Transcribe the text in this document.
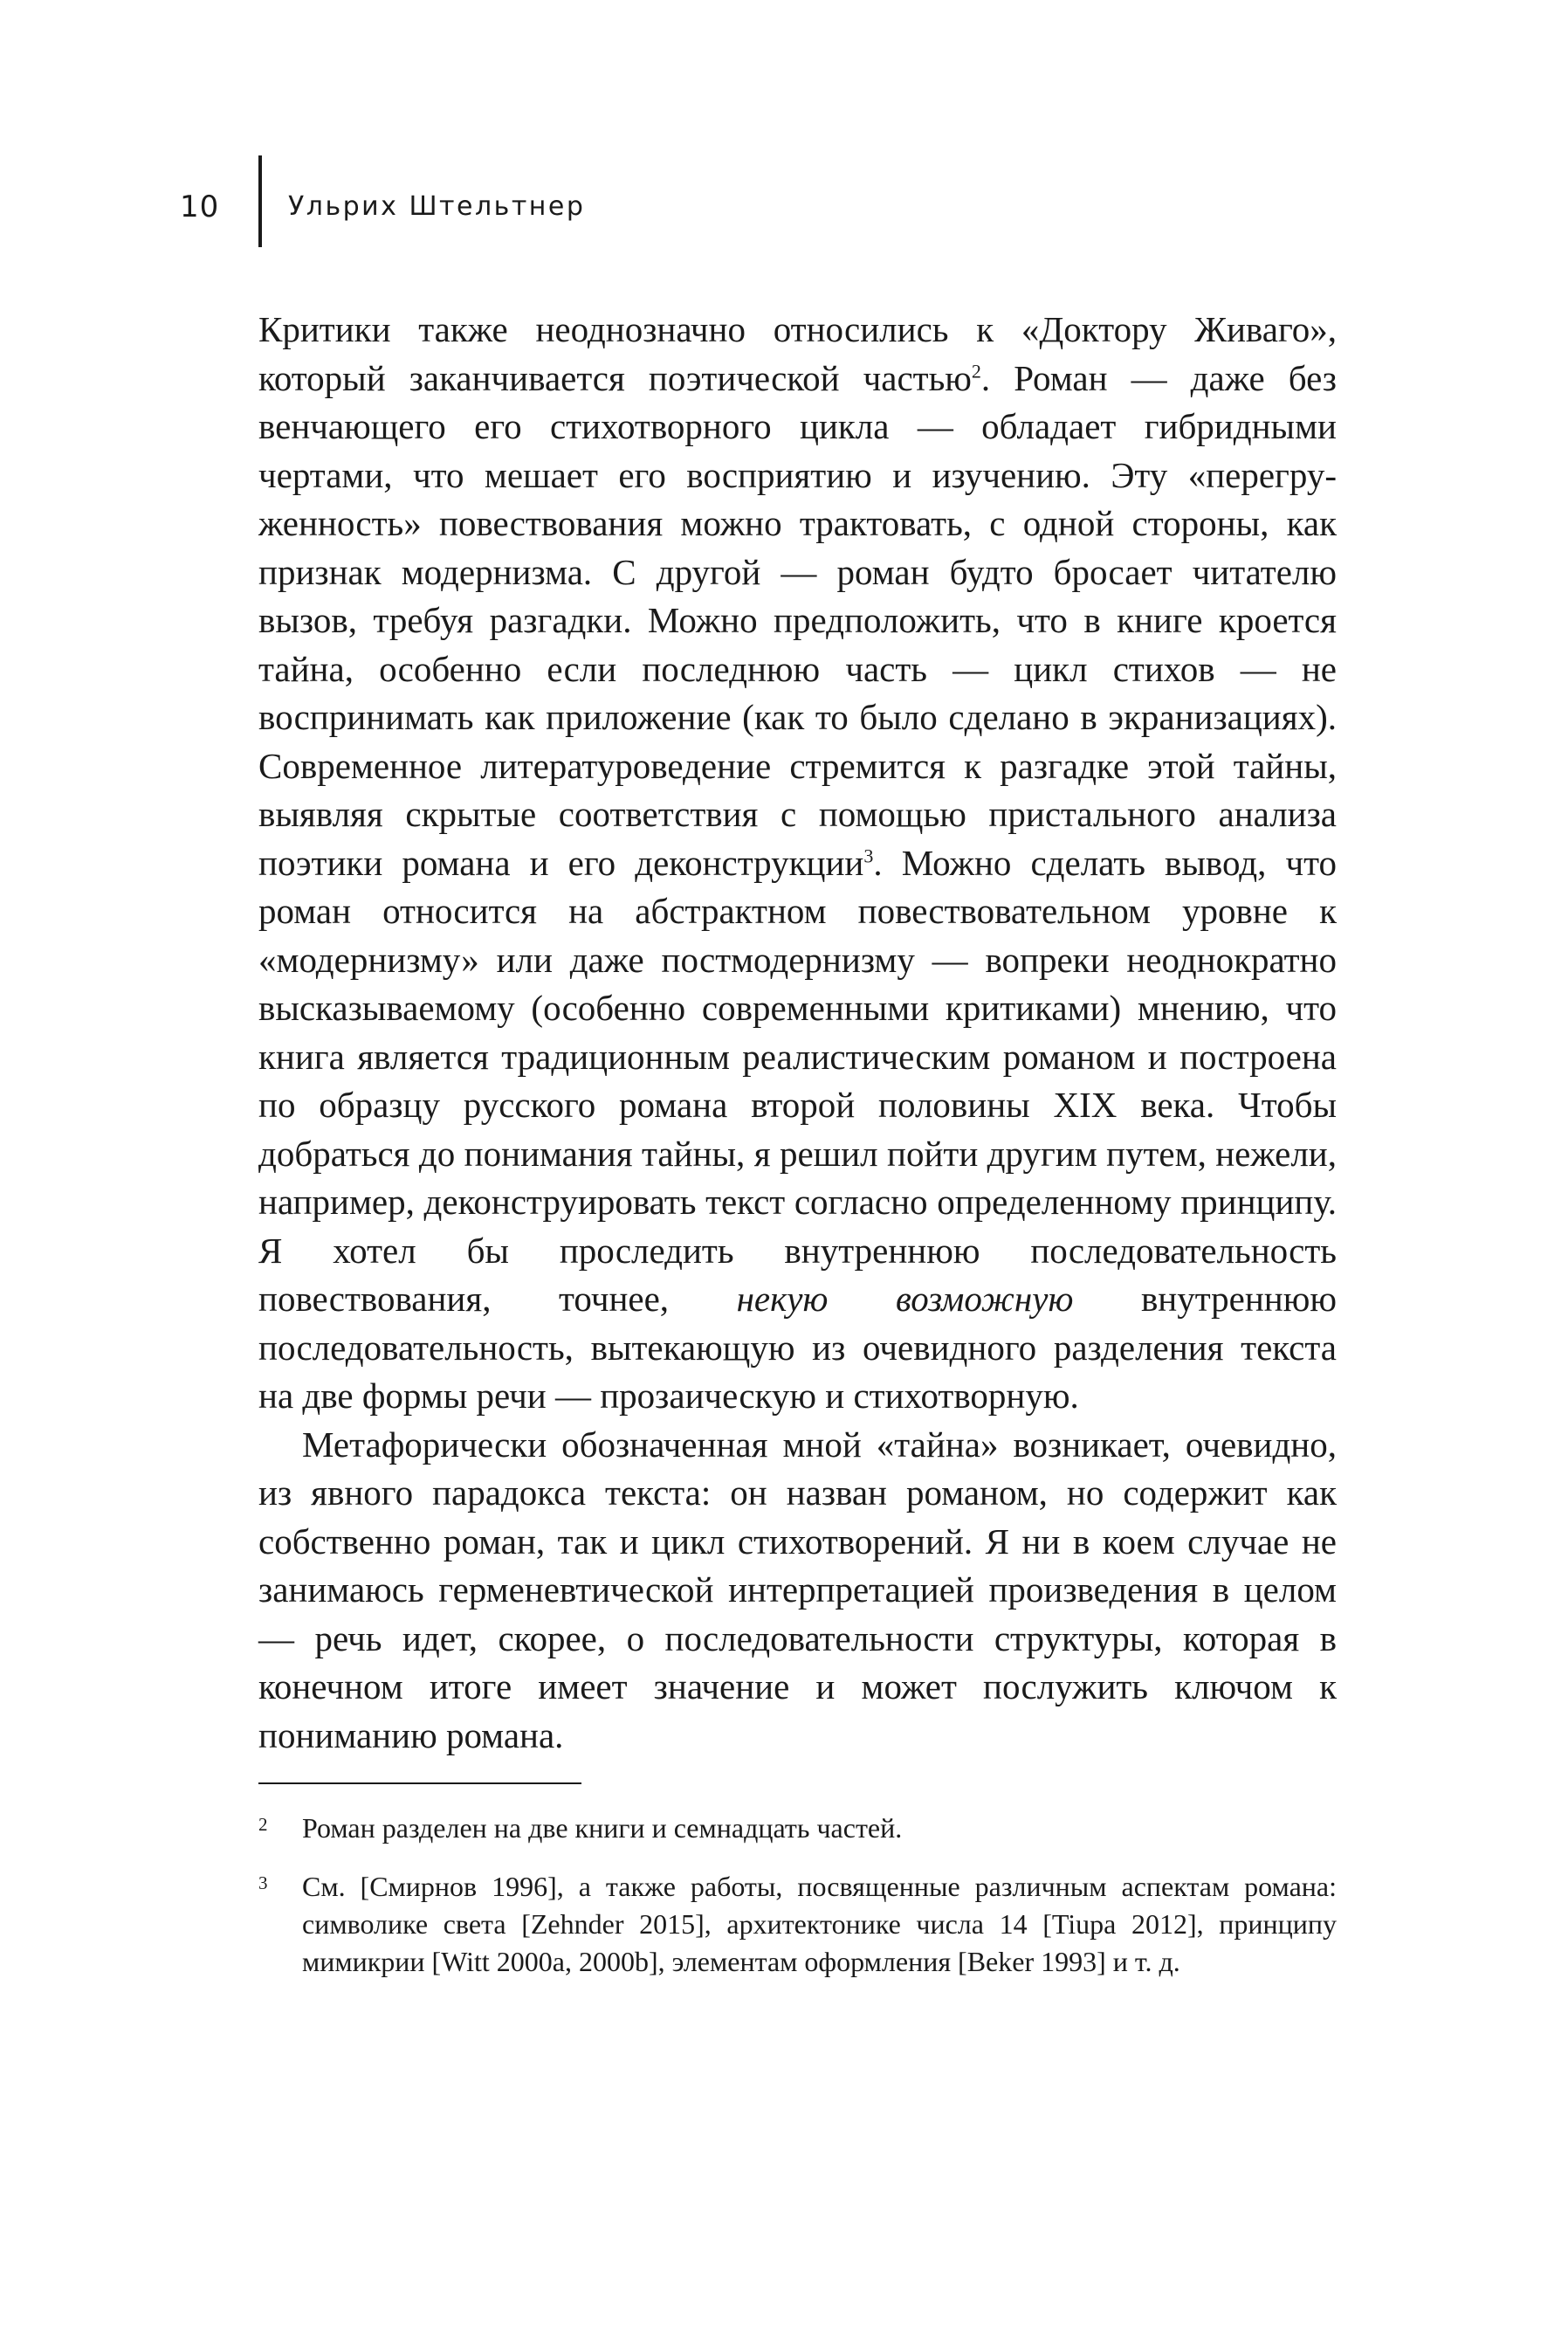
10	Ульрих Штельтнер

Критики также неоднозначно относились к «Доктору Живаго», который заканчивается поэтической частью$^2$. Роман — даже без венчающего его стихотворного цикла — обладает гибридными чертами, что мешает его восприятию и изучению. Эту «перегруженность» повествования можно трактовать, с одной стороны, как признак модернизма. С другой — роман будто бросает читателю вызов, требуя разгадки. Можно предположить, что в книге кроется тайна, особенно если последнюю часть — цикл стихов — не воспринимать как приложение (как то было сделано в экранизациях). Современное литературоведение стремится к разгадке этой тайны, выявляя скрытые соответствия с помощью пристального анализа поэтики романа и его деконструкции$^3$. Можно сделать вывод, что роман относится на абстрактном повествовательном уровне к «модернизму» или даже постмодернизму — вопреки неоднократно высказываемому (особенно современными критиками) мнению, что книга является традиционным реалистическим романом и построена по образцу русского романа второй половины XIX века. Чтобы добраться до понимания тайны, я решил пойти другим путем, нежели, например, деконструировать текст согласно определенному принципу. Я хотел бы проследить внутреннюю последовательность повествования, точнее, некую возможную внутреннюю последовательность, вытекающую из очевидного разделения текста на две формы речи — прозаическую и стихотворную.

Метафорически обозначенная мной «тайна» возникает, очевидно, из явного парадокса текста: он назван романом, но содержит как собственно роман, так и цикл стихотворений. Я ни в коем случае не занимаюсь герменевтической интерпретацией произведения в целом — речь идет, скорее, о последовательности структуры, которая в конечном итоге имеет значение и может послужить ключом к пониманию романа.

2 Роман разделен на две книги и семнадцать частей.

3 См. [Смирнов 1996], а также работы, посвященные различным аспектам романа: символике света [Zehnder 2015], архитектонике числа 14 [Tiupa 2012], принципу мимикрии [Witt 2000a, 2000b], элементам оформления [Beker 1993] и т. д.
